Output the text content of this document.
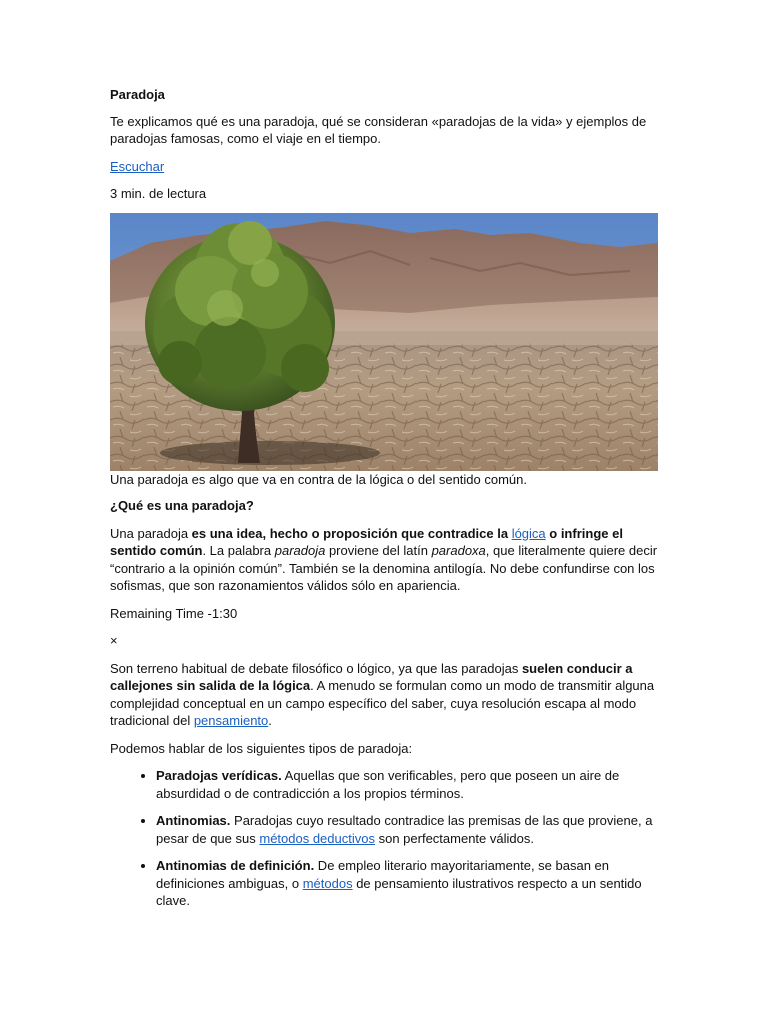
Paradoja

Te explicamos qué es una paradoja, qué se consideran «paradojas de la vida» y ejemplos de paradojas famosas, como el viaje en el tiempo.

Escuchar

3 min. de lectura

Una paradoja es algo que va en contra de la lógica o del sentido común.

¿Qué es una paradoja?

Una paradoja es una idea, hecho o proposición que contradice la lógica o infringe el sentido común. La palabra paradoja proviene del latín paradoxa, que literalmente quiere decir “contrario a la opinión común”. También se la denomina antilogía. No debe confundirse con los sofismas, que son razonamientos válidos sólo en apariencia.

Remaining Time -1:30

×

Son terreno habitual de debate filosófico o lógico, ya que las paradojas suelen conducir a callejones sin salida de la lógica. A menudo se formulan como un modo de transmitir alguna complejidad conceptual en un campo específico del saber, cuya resolución escapa al modo tradicional del pensamiento.

Podemos hablar de los siguientes tipos de paradoja:

• Paradojas verídicas. Aquellas que son verificables, pero que poseen un aire de absurdidad o de contradicción a los propios términos.
• Antinomias. Paradojas cuyo resultado contradice las premisas de las que proviene, a pesar de que sus métodos deductivos son perfectamente válidos.
• Antinomias de definición. De empleo literario mayoritariamente, se basan en definiciones ambiguas, o métodos de pensamiento ilustrativos respecto a un sentido clave.
